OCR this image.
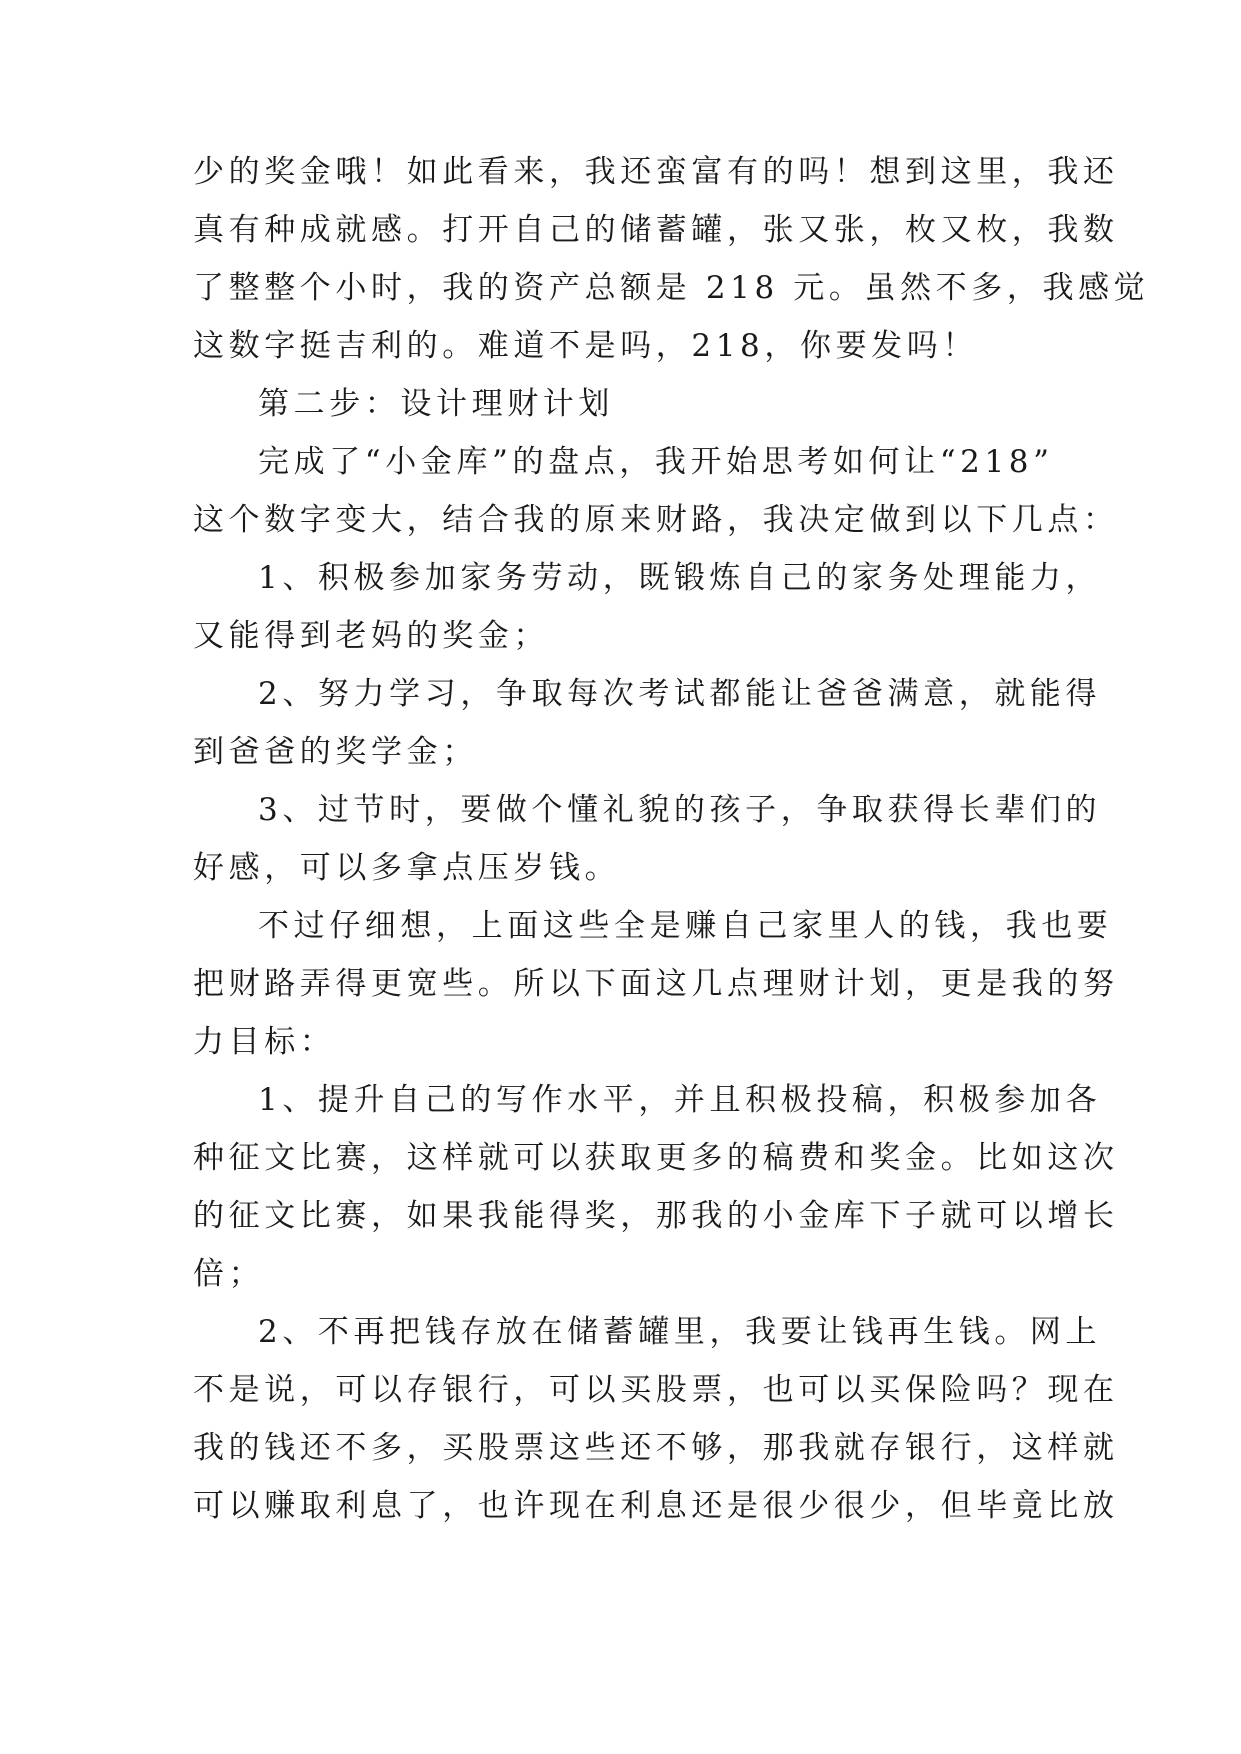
少的奖金哦！如此看来，我还蛮富有的吗！想到这里，我还
真有种成就感。打开自己的储蓄罐，张又张，枚又枚，我数
了整整个小时，我的资产总额是 218 元。虽然不多，我感觉
这数字挺吉利的。难道不是吗，218，你要发吗！
第二步：设计理财计划
完成了“小金库”的盘点，我开始思考如何让“218”
这个数字变大，结合我的原来财路，我决定做到以下几点：
1、积极参加家务劳动，既锻炼自己的家务处理能力，
又能得到老妈的奖金；
2、努力学习，争取每次考试都能让爸爸满意，就能得
到爸爸的奖学金；
3、过节时，要做个懂礼貌的孩子，争取获得长辈们的
好感，可以多拿点压岁钱。
不过仔细想，上面这些全是赚自己家里人的钱，我也要
把财路弄得更宽些。所以下面这几点理财计划，更是我的努
力目标：
1、提升自己的写作水平，并且积极投稿，积极参加各
种征文比赛，这样就可以获取更多的稿费和奖金。比如这次
的征文比赛，如果我能得奖，那我的小金库下子就可以增长
倍；
2、不再把钱存放在储蓄罐里，我要让钱再生钱。网上
不是说，可以存银行，可以买股票，也可以买保险吗？现在
我的钱还不多，买股票这些还不够，那我就存银行，这样就
可以赚取利息了，也许现在利息还是很少很少，但毕竟比放
